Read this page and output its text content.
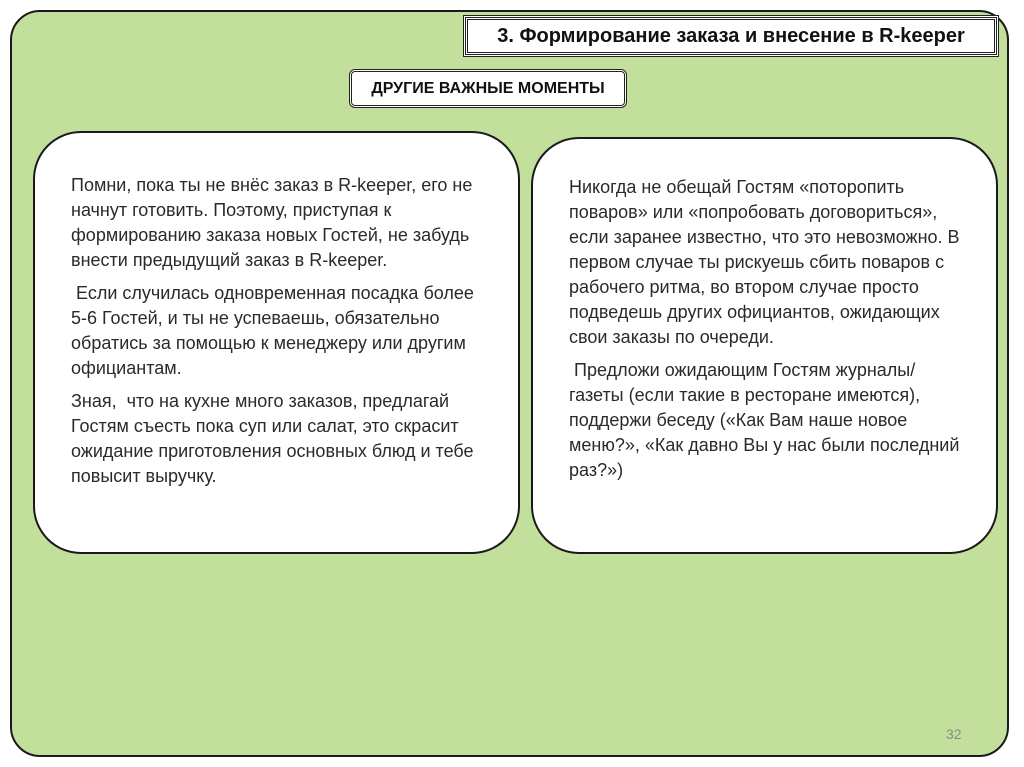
3. Формирование заказа и внесение в R-keeper
ДРУГИЕ ВАЖНЫЕ МОМЕНТЫ

Помни, пока ты не внёс заказ в R-keeper, его не начнут готовить. Поэтому, приступая к формированию заказа новых Гостей, не забудь внести предыдущий заказ в R-keeper.

Если случилась одновременная посадка более 5-6 Гостей, и ты не успеваешь, обязательно обратись за помощью к менеджеру или другим официантам.

Зная,  что на кухне много заказов, предлагай Гостям съесть пока суп или салат, это скрасит ожидание приготовления основных блюд и тебе повысит выручку.

Никогда не обещай Гостям «поторопить поваров» или «попробовать договориться», если заранее известно, что это невозможно. В первом случае ты рискуешь сбить поваров с рабочего ритма, во втором случае просто подведешь других официантов, ожидающих свои заказы по очереди.

Предложи ожидающим Гостям журналы/ газеты (если такие в ресторане имеются), поддержи беседу («Как Вам наше новое меню?», «Как давно Вы у нас были последний раз?»)

32
